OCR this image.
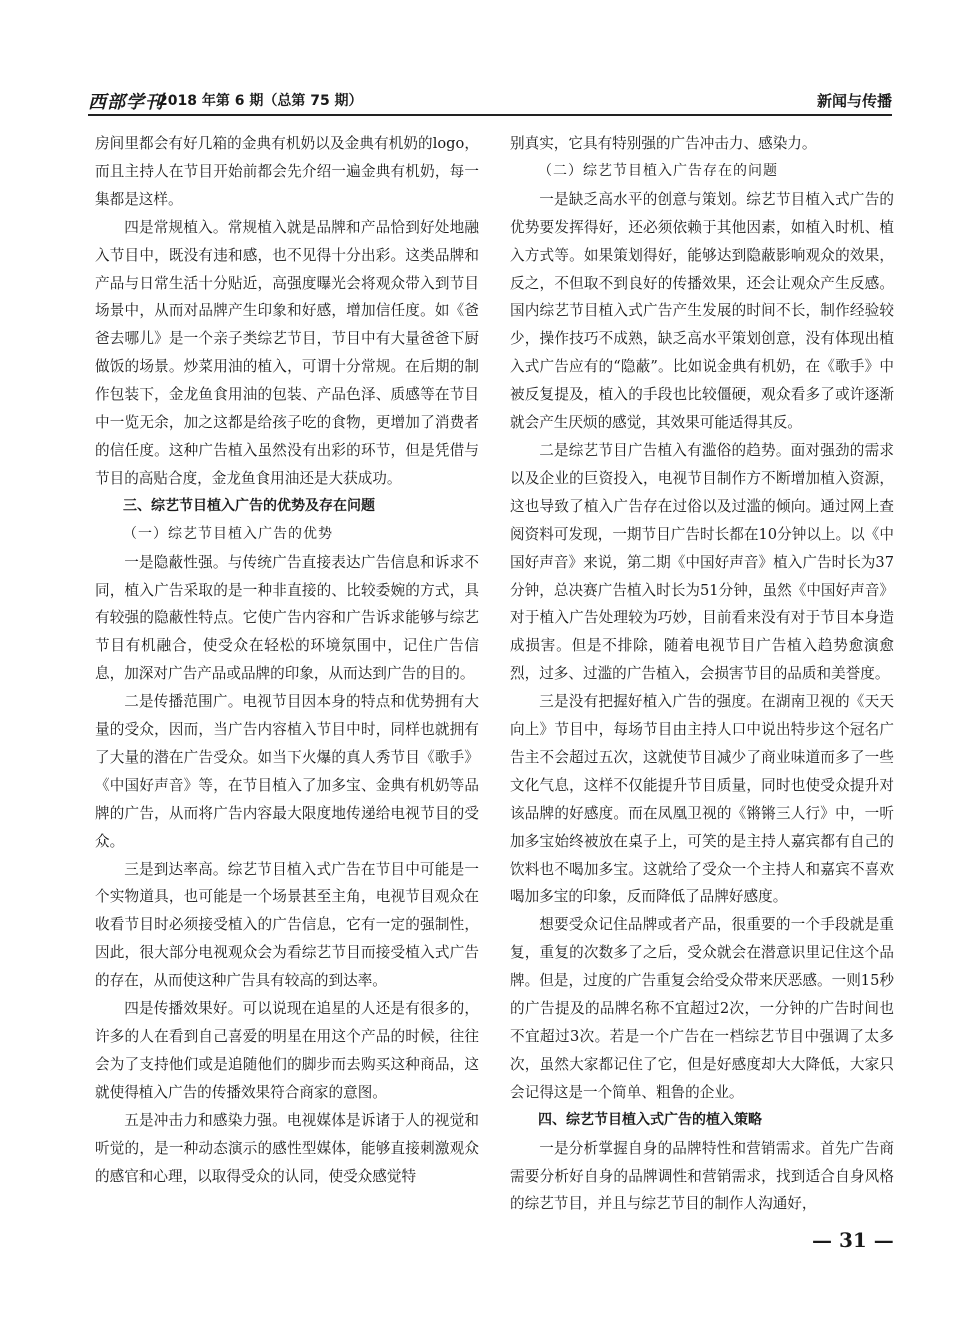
西部学刊
2018 年第 6 期（总第 75 期）	新闻与传播

房间里都会有好几箱的金典有机奶以及金典有机奶的logo，而且主持人在节目开始前都会先介绍一遍金典有机奶，每一集都是这样。

四是常规植入。常规植入就是品牌和产品恰到好处地融入节目中，既没有违和感，也不见得十分出彩。这类品牌和产品与日常生活十分贴近，高强度曝光会将观众带入到节目场景中，从而对品牌产生印象和好感，增加信任度。如《爸爸去哪儿》是一个亲子类综艺节目，节目中有大量爸爸下厨做饭的场景。炒菜用油的植入，可谓十分常规。在后期的制作包装下，金龙鱼食用油的包装、产品色泽、质感等在节目中一览无余，加之这都是给孩子吃的食物，更增加了消费者的信任度。这种广告植入虽然没有出彩的环节，但是凭借与节目的高贴合度，金龙鱼食用油还是大获成功。

三、综艺节目植入广告的优势及存在问题
（一）综艺节目植入广告的优势

一是隐蔽性强。与传统广告直接表达广告信息和诉求不同，植入广告采取的是一种非直接的、比较委婉的方式，具有较强的隐蔽性特点。它使广告内容和广告诉求能够与综艺节目有机融合，使受众在轻松的环境氛围中，记住广告信息，加深对广告产品或品牌的印象，从而达到广告的目的。

二是传播范围广。电视节目因本身的特点和优势拥有大量的受众，因而，当广告内容植入节目中时，同样也就拥有了大量的潜在广告受众。如当下火爆的真人秀节目《歌手》《中国好声音》等，在节目植入了加多宝、金典有机奶等品牌的广告，从而将广告内容最大限度地传递给电视节目的受众。

三是到达率高。综艺节目植入式广告在节目中可能是一个实物道具，也可能是一个场景甚至主角，电视节目观众在收看节目时必须接受植入的广告信息，它有一定的强制性，因此，很大部分电视观众会为看综艺节目而接受植入式广告的存在，从而使这种广告具有较高的到达率。

四是传播效果好。可以说现在追星的人还是有很多的，许多的人在看到自己喜爱的明星在用这个产品的时候，往往会为了支持他们或是追随他们的脚步而去购买这种商品，这就使得植入广告的传播效果符合商家的意图。

五是冲击力和感染力强。电视媒体是诉诸于人的视觉和听觉的，是一种动态演示的感性型媒体，能够直接刺激观众的感官和心理，以取得受众的认同，使受众感觉特

别真实，它具有特别强的广告冲击力、感染力。

（二）综艺节目植入广告存在的问题

一是缺乏高水平的创意与策划。综艺节目植入式广告的优势要发挥得好，还必须依赖于其他因素，如植入时机、植入方式等。如果策划得好，能够达到隐蔽影响观众的效果，反之，不但取不到良好的传播效果，还会让观众产生反感。国内综艺节目植入式广告产生发展的时间不长，制作经验较少，操作技巧不成熟，缺乏高水平策划创意，没有体现出植入式广告应有的“隐蔽”。比如说金典有机奶，在《歌手》中被反复提及，植入的手段也比较僵硬，观众看多了或许逐渐就会产生厌烦的感觉，其效果可能适得其反。

二是综艺节目广告植入有滥俗的趋势。面对强劲的需求以及企业的巨资投入，电视节目制作方不断增加植入资源，这也导致了植入广告存在过俗以及过滥的倾向。通过网上查阅资料可发现，一期节目广告时长都在10分钟以上。以《中国好声音》来说，第二期《中国好声音》植入广告时长为37分钟，总决赛广告植入时长为51分钟，虽然《中国好声音》对于植入广告处理较为巧妙，目前看来没有对于节目本身造成损害。但是不排除，随着电视节目广告植入趋势愈演愈烈，过多、过滥的广告植入，会损害节目的品质和美誉度。

三是没有把握好植入广告的强度。在湖南卫视的《天天向上》节目中，每场节目由主持人口中说出特步这个冠名广告主不会超过五次，这就使节目减少了商业味道而多了一些文化气息，这样不仅能提升节目质量，同时也使受众提升对该品牌的好感度。而在凤凰卫视的《锵锵三人行》中，一听加多宝始终被放在桌子上，可笑的是主持人嘉宾都有自己的饮料也不喝加多宝。这就给了受众一个主持人和嘉宾不喜欢喝加多宝的印象，反而降低了品牌好感度。

想要受众记住品牌或者产品，很重要的一个手段就是重复，重复的次数多了之后，受众就会在潜意识里记住这个品牌。但是，过度的广告重复会给受众带来厌恶感。一则15秒的广告提及的品牌名称不宜超过2次，一分钟的广告时间也不宜超过3次。若是一个广告在一档综艺节目中强调了太多次，虽然大家都记住了它，但是好感度却大大降低，大家只会记得这是一个简单、粗鲁的企业。

四、综艺节目植入式广告的植入策略

一是分析掌握自身的品牌特性和营销需求。首先广告商需要分析好自身的品牌调性和营销需求，找到适合自身风格的综艺节目，并且与综艺节目的制作人沟通好，

— 31 —
